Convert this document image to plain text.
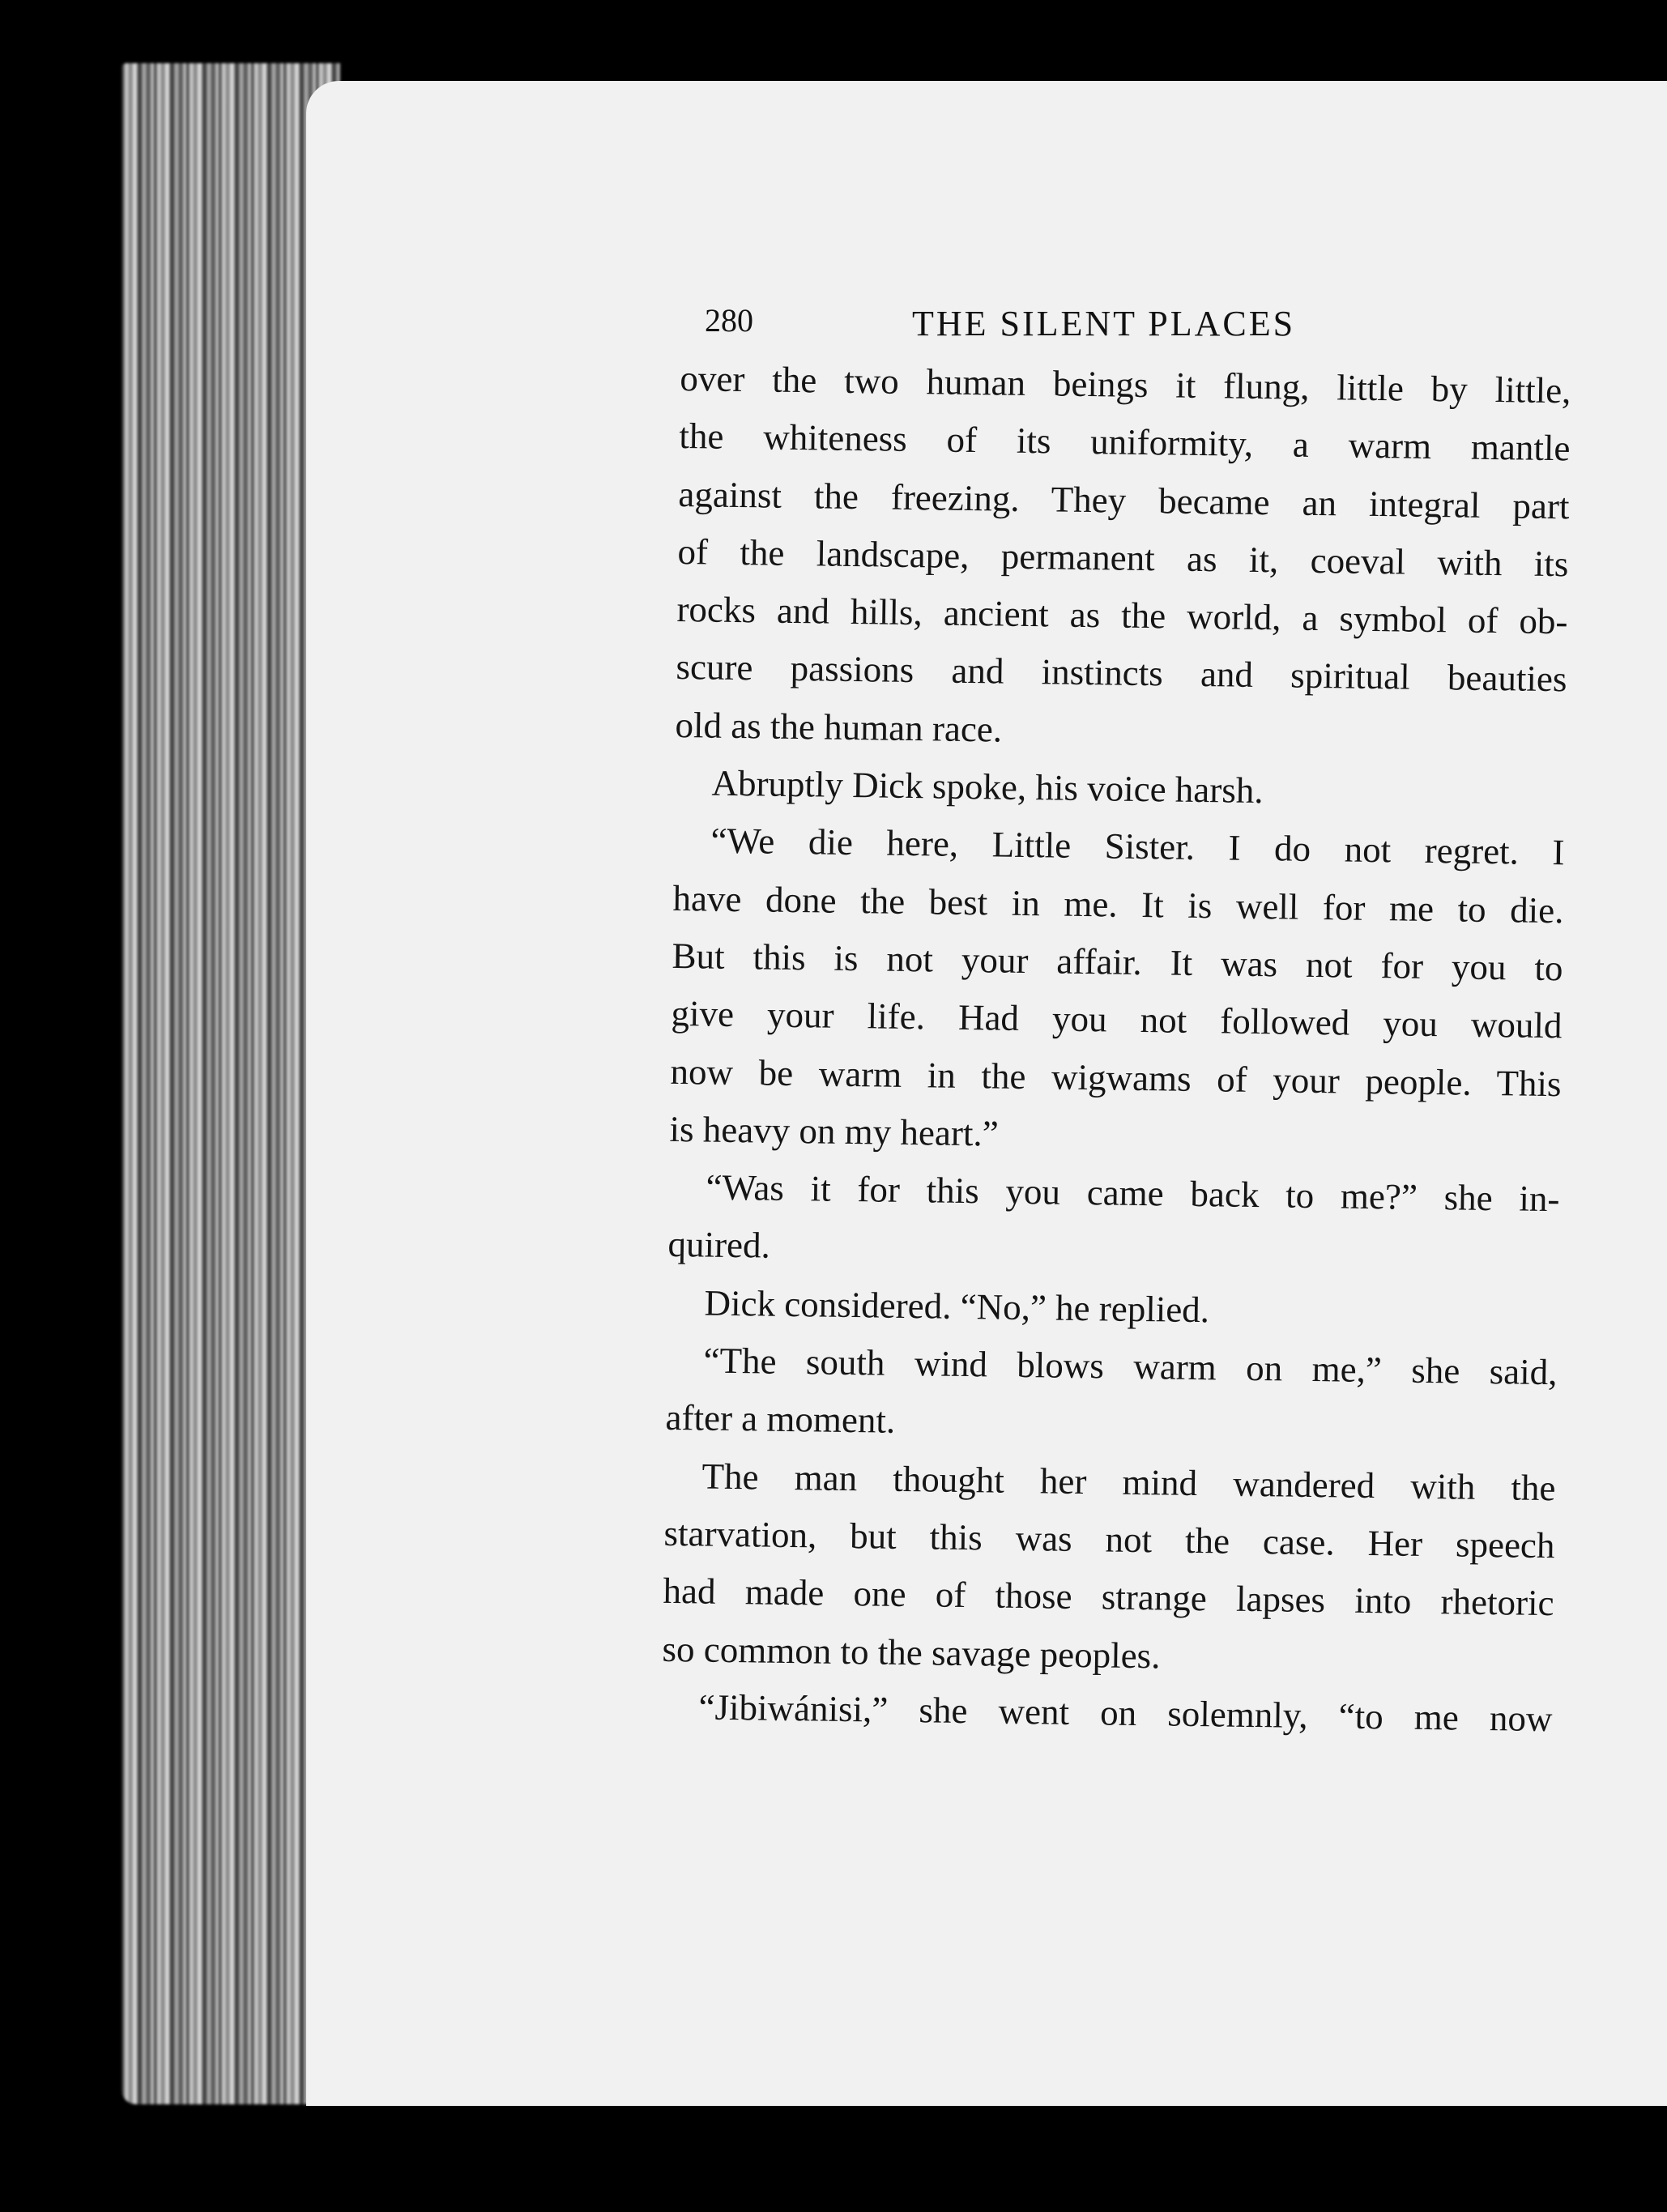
280	THE SILENT PLACES
over the two human beings it flung, little by little,
the whiteness of its uniformity, a warm mantle
against the freezing. They became an integral part
of the landscape, permanent as it, coeval with its
rocks and hills, ancient as the world, a symbol of ob-
scure passions and instincts and spiritual beauties
old as the human race.
Abruptly Dick spoke, his voice harsh.
“We die here, Little Sister. I do not regret. I
have done the best in me. It is well for me to die.
But this is not your affair. It was not for you to
give your life. Had you not followed you would
now be warm in the wigwams of your people. This
is heavy on my heart.”
“Was it for this you came back to me?” she in-
quired.
Dick considered. “No,” he replied.
“The south wind blows warm on me,” she said,
after a moment.
The man thought her mind wandered with the
starvation, but this was not the case. Her speech
had made one of those strange lapses into rhetoric
so common to the savage peoples.
“Jibiwánisi,” she went on solemnly, “to me now
